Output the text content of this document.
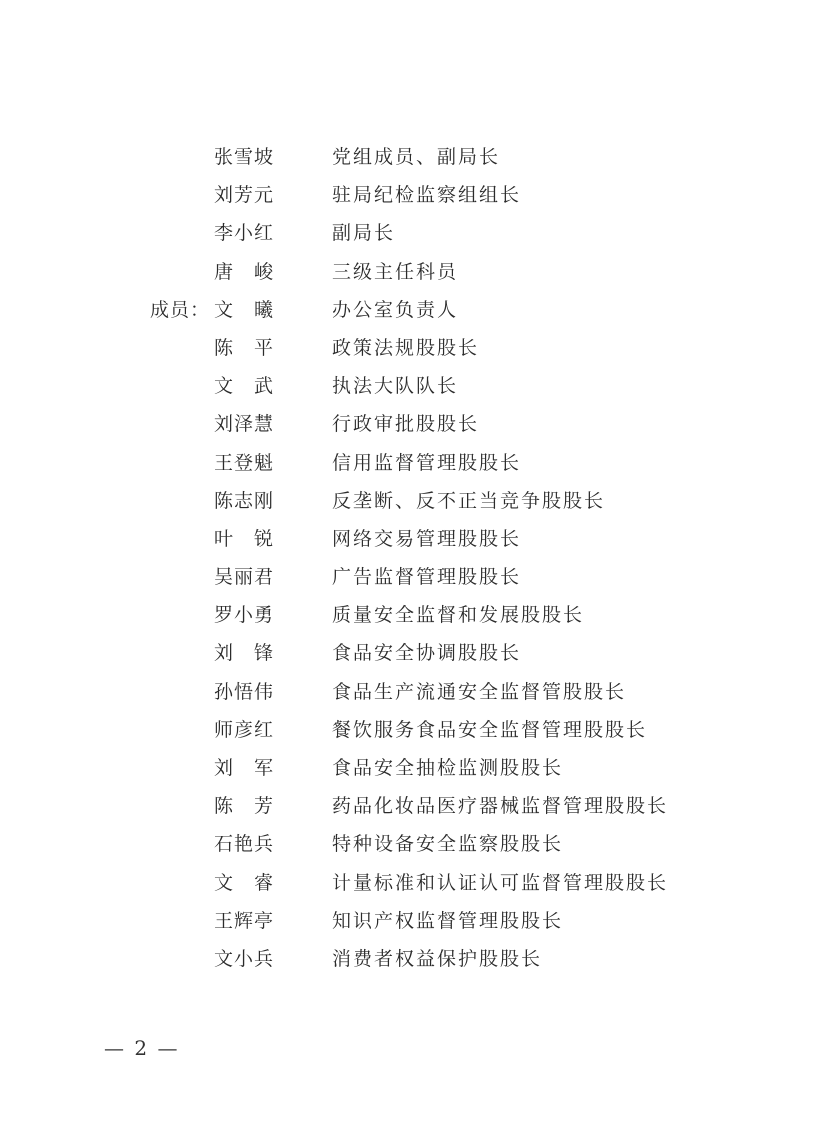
张雪坡	党组成员、副局长
刘芳元	驻局纪检监察组组长
李小红	副局长
唐　峻	三级主任科员
成员： 文　曦	办公室负责人
陈　平	政策法规股股长
文　武	执法大队队长
刘泽慧	行政审批股股长
王登魁	信用监督管理股股长
陈志刚	反垄断、反不正当竞争股股长
叶　锐	网络交易管理股股长
吴丽君	广告监督管理股股长
罗小勇	质量安全监督和发展股股长
刘　锋	食品安全协调股股长
孙悟伟	食品生产流通安全监督管股股长
师彦红	餐饮服务食品安全监督管理股股长
刘　军	食品安全抽检监测股股长
陈　芳	药品化妆品医疗器械监督管理股股长
石艳兵	特种设备安全监察股股长
文　睿	计量标准和认证认可监督管理股股长
王辉亭	知识产权监督管理股股长
文小兵	消费者权益保护股股长
— 2 —
